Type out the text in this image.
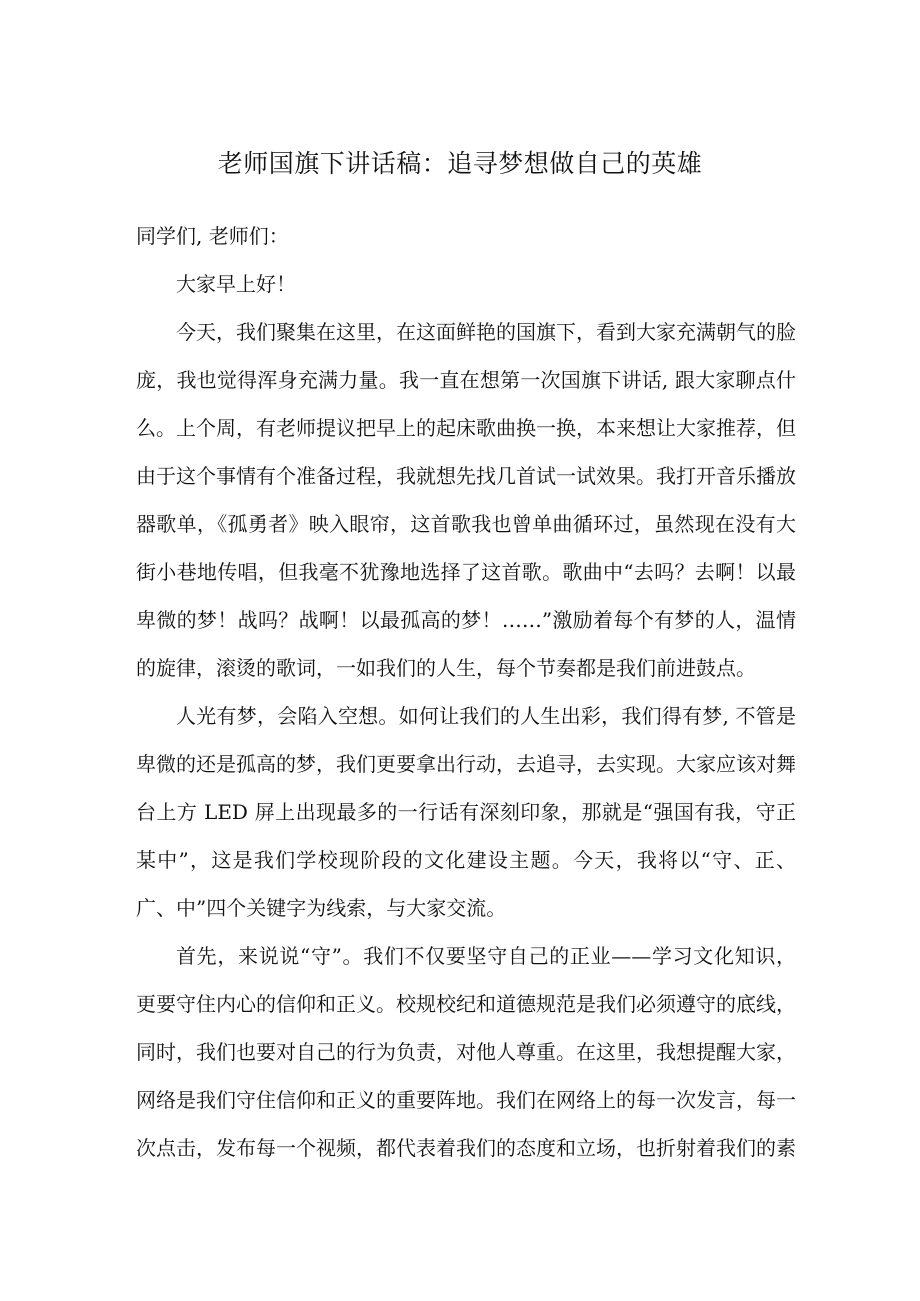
老师国旗下讲话稿：追寻梦想做自己的英雄

同学们, 老师们：

大家早上好！

今天，我们聚集在这里，在这面鲜艳的国旗下，看到大家充满朝气的脸庞，我也觉得浑身充满力量。我一直在想第一次国旗下讲话, 跟大家聊点什么。上个周，有老师提议把早上的起床歌曲换一换，本来想让大家推荐，但由于这个事情有个准备过程，我就想先找几首试一试效果。我打开音乐播放器歌单，《孤勇者》映入眼帘，这首歌我也曾单曲循环过，虽然现在没有大街小巷地传唱，但我毫不犹豫地选择了这首歌。歌曲中“去吗？去啊！以最卑微的梦！战吗？战啊！以最孤高的梦！……”激励着每个有梦的人，温情的旋律，滚烫的歌词，一如我们的人生，每个节奏都是我们前进鼓点。

人光有梦，会陷入空想。如何让我们的人生出彩，我们得有梦, 不管是卑微的还是孤高的梦，我们更要拿出行动，去追寻，去实现。大家应该对舞台上方 LED 屏上出现最多的一行话有深刻印象，那就是“强国有我，守正某中”，这是我们学校现阶段的文化建设主题。今天，我将以“守、正、广、中”四个关键字为线索，与大家交流。

首先，来说说“守”。我们不仅要坚守自己的正业——学习文化知识，更要守住内心的信仰和正义。校规校纪和道德规范是我们必须遵守的底线，同时，我们也要对自己的行为负责，对他人尊重。在这里，我想提醒大家，网络是我们守住信仰和正义的重要阵地。我们在网络上的每一次发言，每一次点击，发布每一个视频，都代表着我们的态度和立场，也折射着我们的素
